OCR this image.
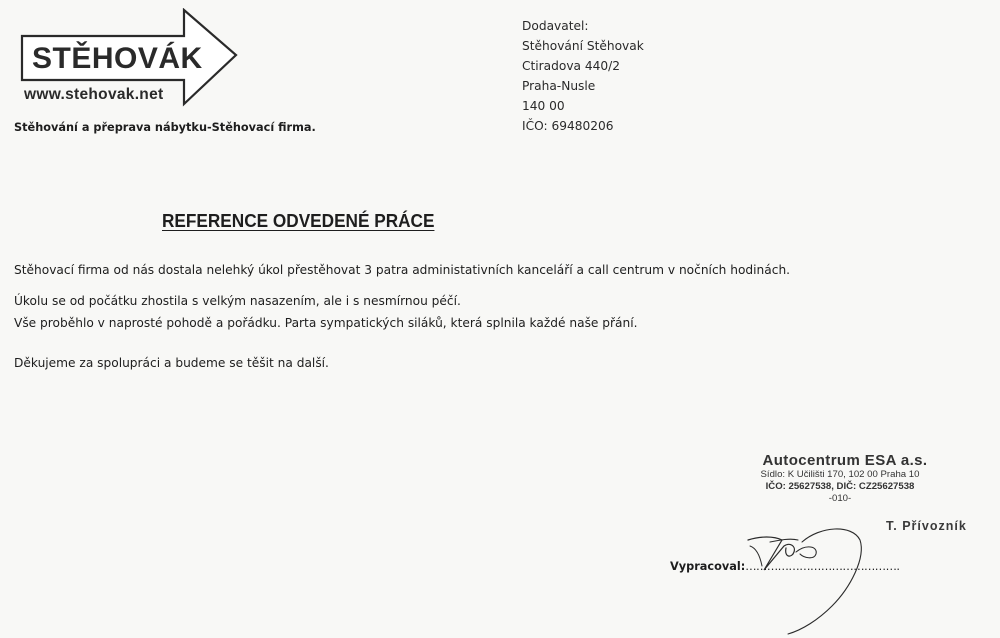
STĚHOVÁK
www.stehovak.net
Stěhování a přeprava nábytku-Stěhovací firma.
Dodavatel:
Stěhování Stěhovak
Ctiradova 440/2
Praha-Nusle
140 00
IČO: 69480206
REFERENCE ODVEDENÉ PRÁCE
Stěhovací firma od nás dostala nelehký úkol přestěhovat 3 patra administativních kanceláří a call centrum v nočních hodinách.
Úkolu se od počátku zhostila s velkým nasazením, ale i s nesmírnou péčí.
Vše proběhlo v naprosté pohodě a pořádku. Parta sympatických siláků, která splnila každé naše přání.
Děkujeme za spolupráci a budeme se těšit na další.
Autocentrum ESA a.s.
Sídlo: K Učilišti 170, 102 00 Praha 10
IČO: 25627538, DIČ: CZ25627538
-010-
T. Přívozník
Vypracoval:…………………………………….
